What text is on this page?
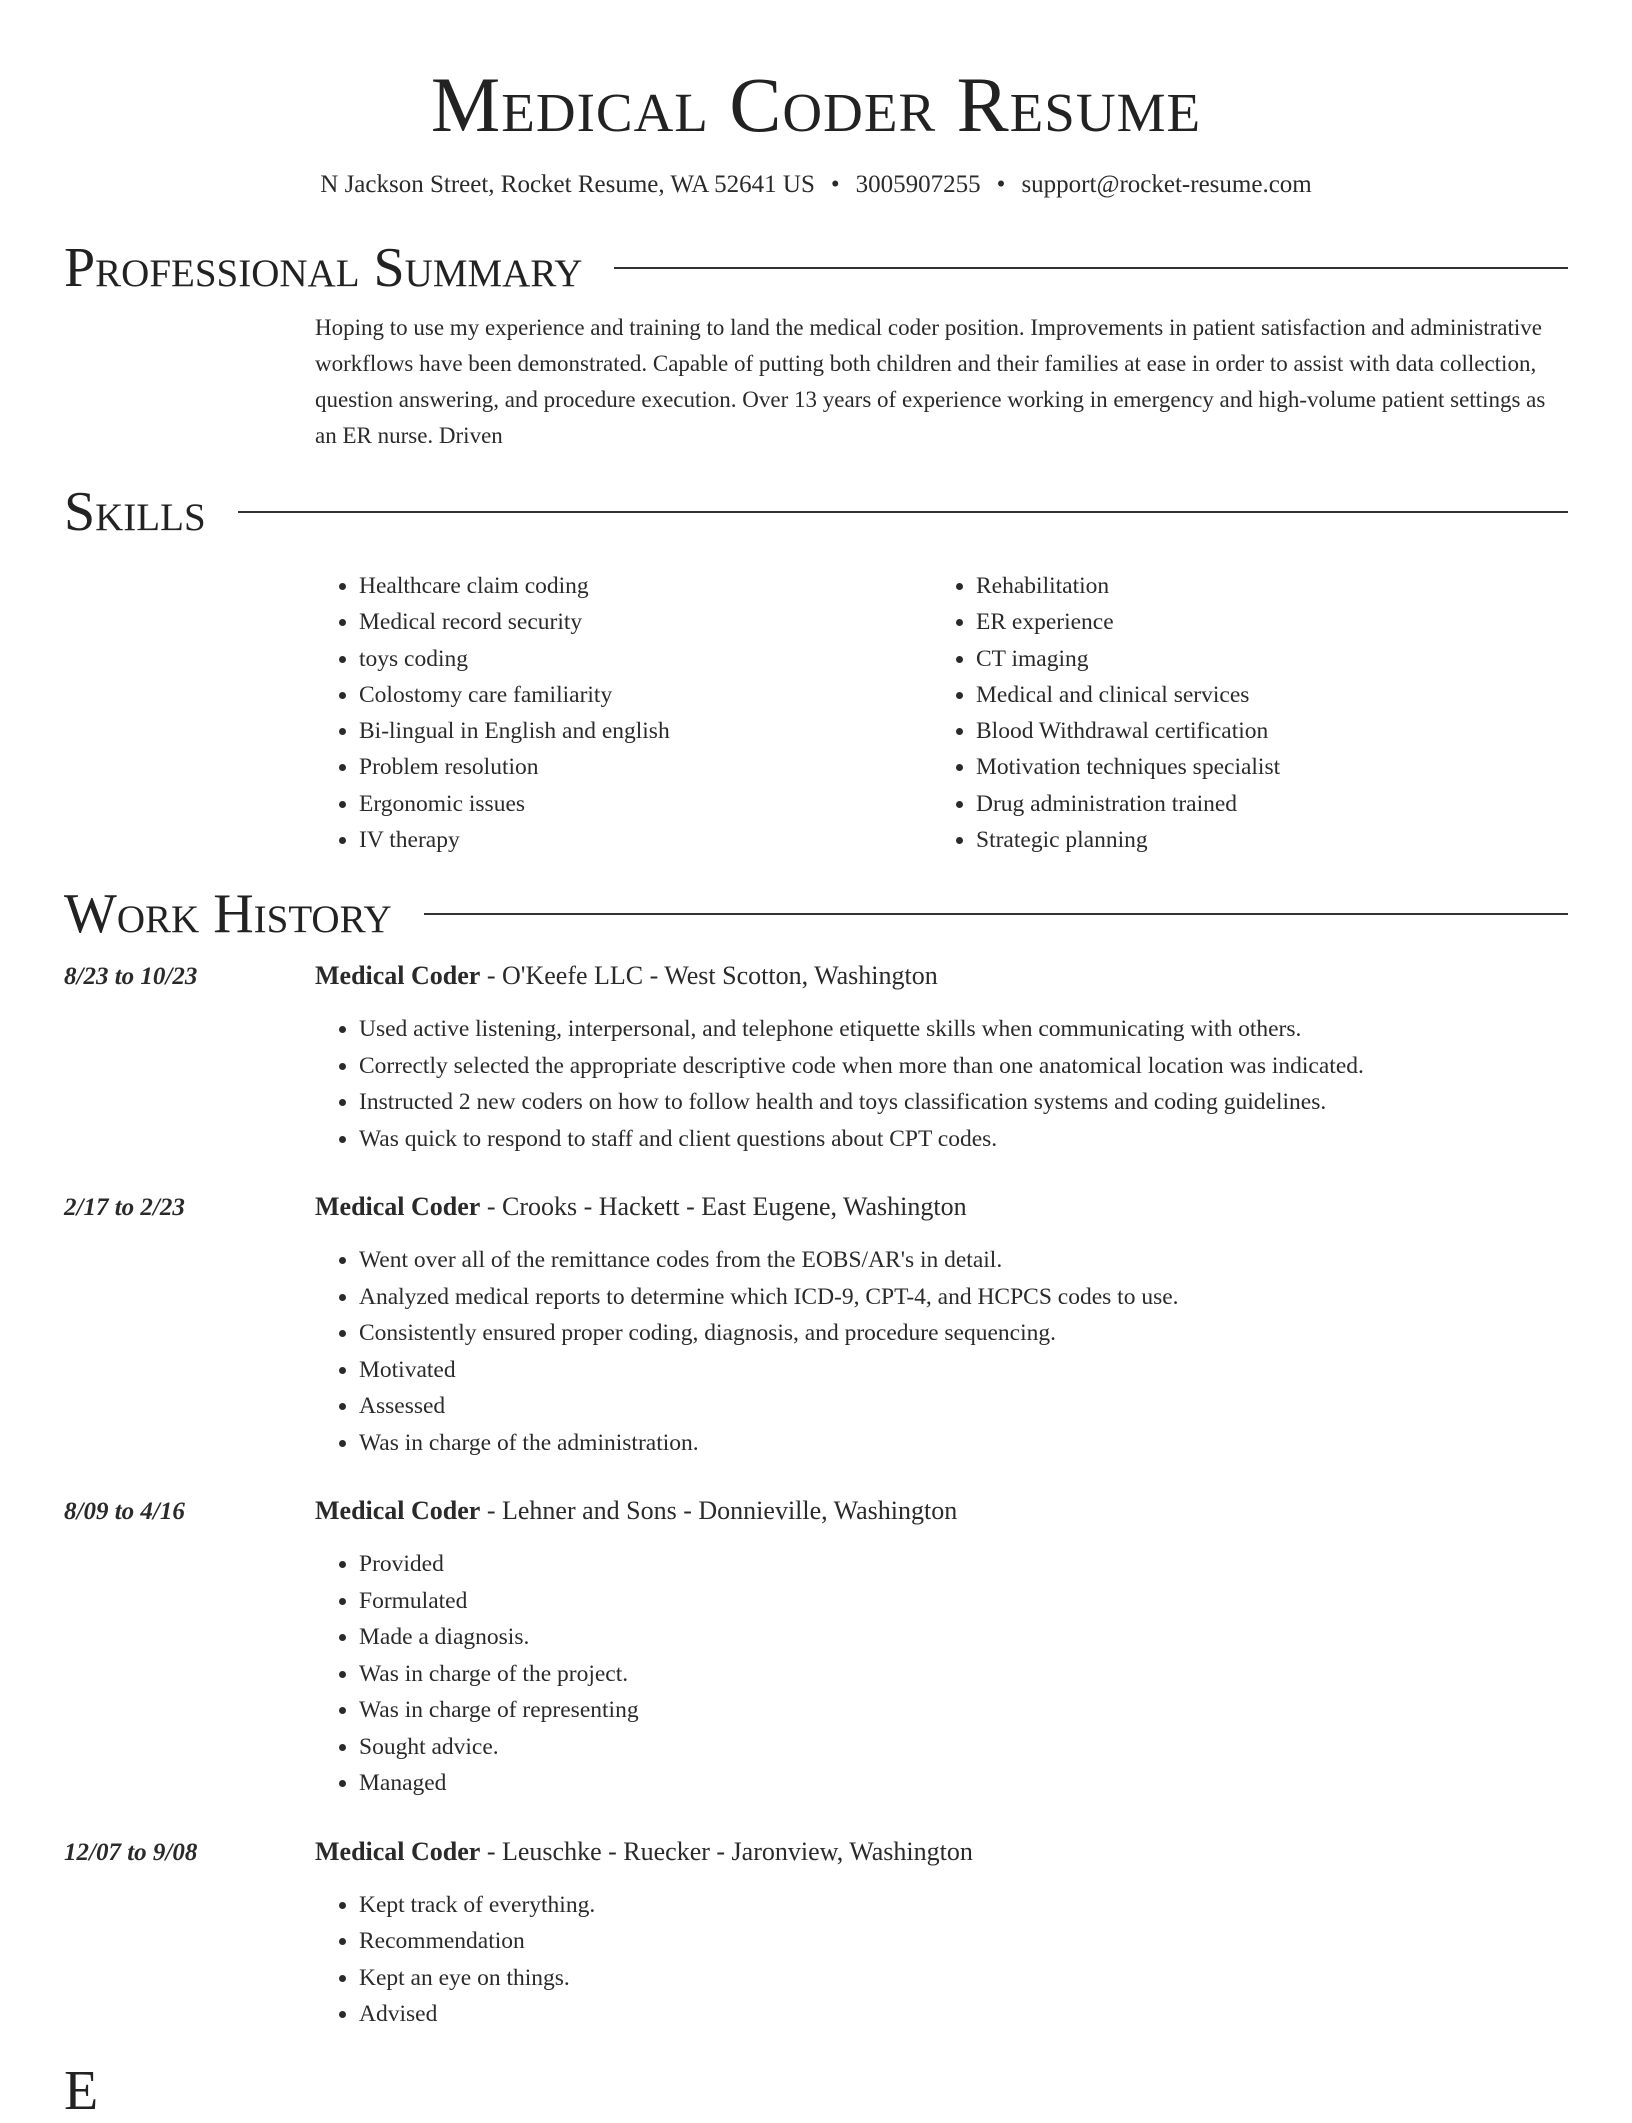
Medical Coder Resume
N Jackson Street, Rocket Resume, WA 52641 US • 3005907255 • support@rocket-resume.com
Professional Summary

Hoping to use my experience and training to land the medical coder position. Improvements in patient satisfaction and administrative workflows have been demonstrated. Capable of putting both children and their families at ease in order to assist with data collection, question answering, and procedure execution. Over 13 years of experience working in emergency and high-volume patient settings as an ER nurse. Driven

Skills
• Healthcare claim coding
• Medical record security
• toys coding
• Colostomy care familiarity
• Bi-lingual in English and english
• Problem resolution
• Ergonomic issues
• IV therapy
• Rehabilitation
• ER experience
• CT imaging
• Medical and clinical services
• Blood Withdrawal certification
• Motivation techniques specialist
• Drug administration trained
• Strategic planning
Work History
8/23 to 10/23	Medical Coder - O'Keefe LLC - West Scotton, Washington
• Used active listening, interpersonal, and telephone etiquette skills when communicating with others.
• Correctly selected the appropriate descriptive code when more than one anatomical location was indicated.
• Instructed 2 new coders on how to follow health and toys classification systems and coding guidelines.
• Was quick to respond to staff and client questions about CPT codes.
2/17 to 2/23	Medical Coder - Crooks - Hackett - East Eugene, Washington
• Went over all of the remittance codes from the EOBS/AR's in detail.
• Analyzed medical reports to determine which ICD-9, CPT-4, and HCPCS codes to use.
• Consistently ensured proper coding, diagnosis, and procedure sequencing.
• Motivated
• Assessed
• Was in charge of the administration.
8/09 to 4/16	Medical Coder - Lehner and Sons - Donnieville, Washington
• Provided
• Formulated
• Made a diagnosis.
• Was in charge of the project.
• Was in charge of representing
• Sought advice.
• Managed
12/07 to 9/08	Medical Coder - Leuschke - Ruecker - Jaronview, Washington
• Kept track of everything.
• Recommendation
• Kept an eye on things.
• Advised
E
